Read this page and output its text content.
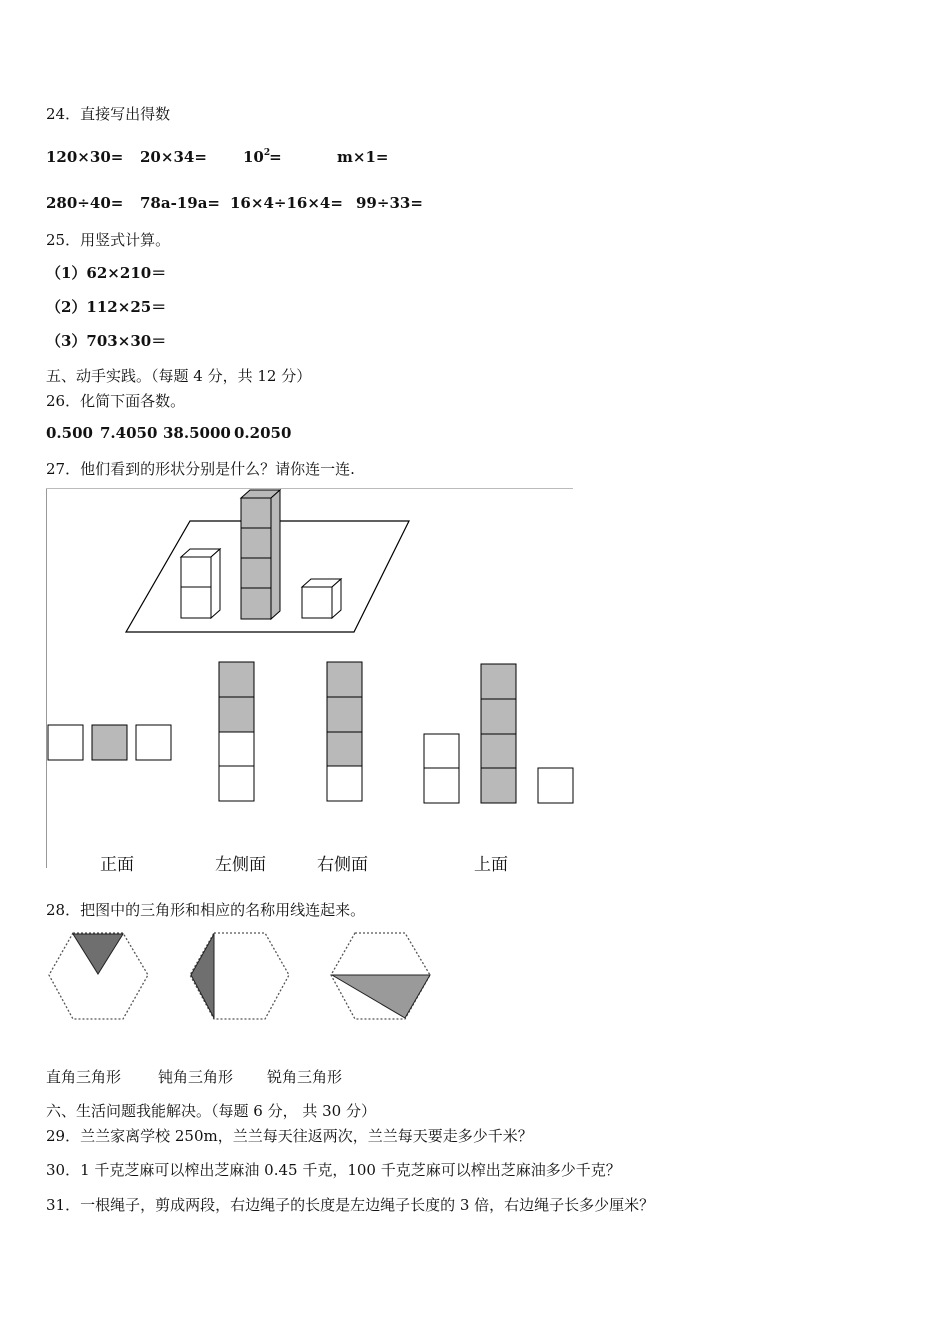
24．直接写出得数
120×30= 20×34= 10 2
=	m×1=
280÷40= 78a-19a= 16×4÷16×4= 99÷33=
25．用竖式计算。
（1）62×210＝
（2）112×25＝
（3）703×30＝
五、动手实践。（每题 4 分，共 12 分）
26．化简下面各数。
0.500 7.4050 38.5000 0.2050
27．他们看到的形状分别是什么？请你连一连.
正面	左侧面	右侧面	上面
28．把图中的三角形和相应的名称用线连起来。
直角三角形 钝角三角形 锐角三角形
六、生活问题我能解决。（每题 6 分， 共 30 分）
29．兰兰家离学校 250m，兰兰每天往返两次，兰兰每天要走多少千米？
30．1 千克芝麻可以榨出芝麻油 0.45 千克，100 千克芝麻可以榨出芝麻油多少千克？
31．一根绳子，剪成两段，右边绳子的长度是左边绳子长度的 3 倍，右边绳子长多少厘米？
